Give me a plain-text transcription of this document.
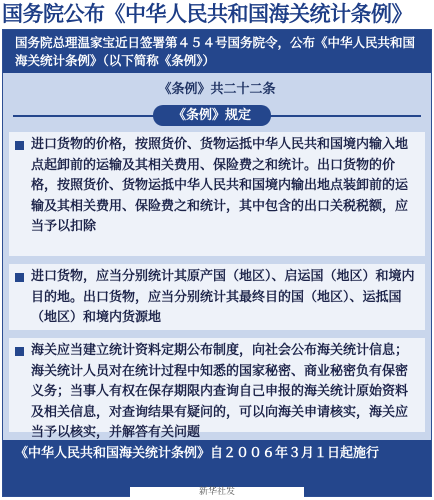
国务院公布《中华人民共和国海关统计条例》
国务院总理温家宝近日签署第４５４号国务院令，公布《中华人民共和国海关统计条例》（以下简称《条例》）
《条例》共二十二条
《条例》规定
进口货物的价格，按照货价、货物运抵中华人民共和国境内输入地点起卸前的运输及其相关费用、保险费之和统计。出口货物的价格，按照货价、货物运抵中华人民共和国境内输出地点装卸前的运输及其相关费用、保险费之和统计，其中包含的出口关税税额，应当予以扣除
进口货物，应当分别统计其原产国（地区）、启运国（地区）和境内目的地。出口货物，应当分别统计其最终目的国（地区）、运抵国（地区）和境内货源地
海关应当建立统计资料定期公布制度，向社会公布海关统计信息；海关统计人员对在统计过程中知悉的国家秘密、商业秘密负有保密义务；当事人有权在保存期限内查询自己申报的海关统计原始资料及相关信息，对查询结果有疑问的，可以向海关申请核实，海关应当予以核实，并解答有关问题
《中华人民共和国海关统计条例》自２００６年３月１日起施行
新华社发
